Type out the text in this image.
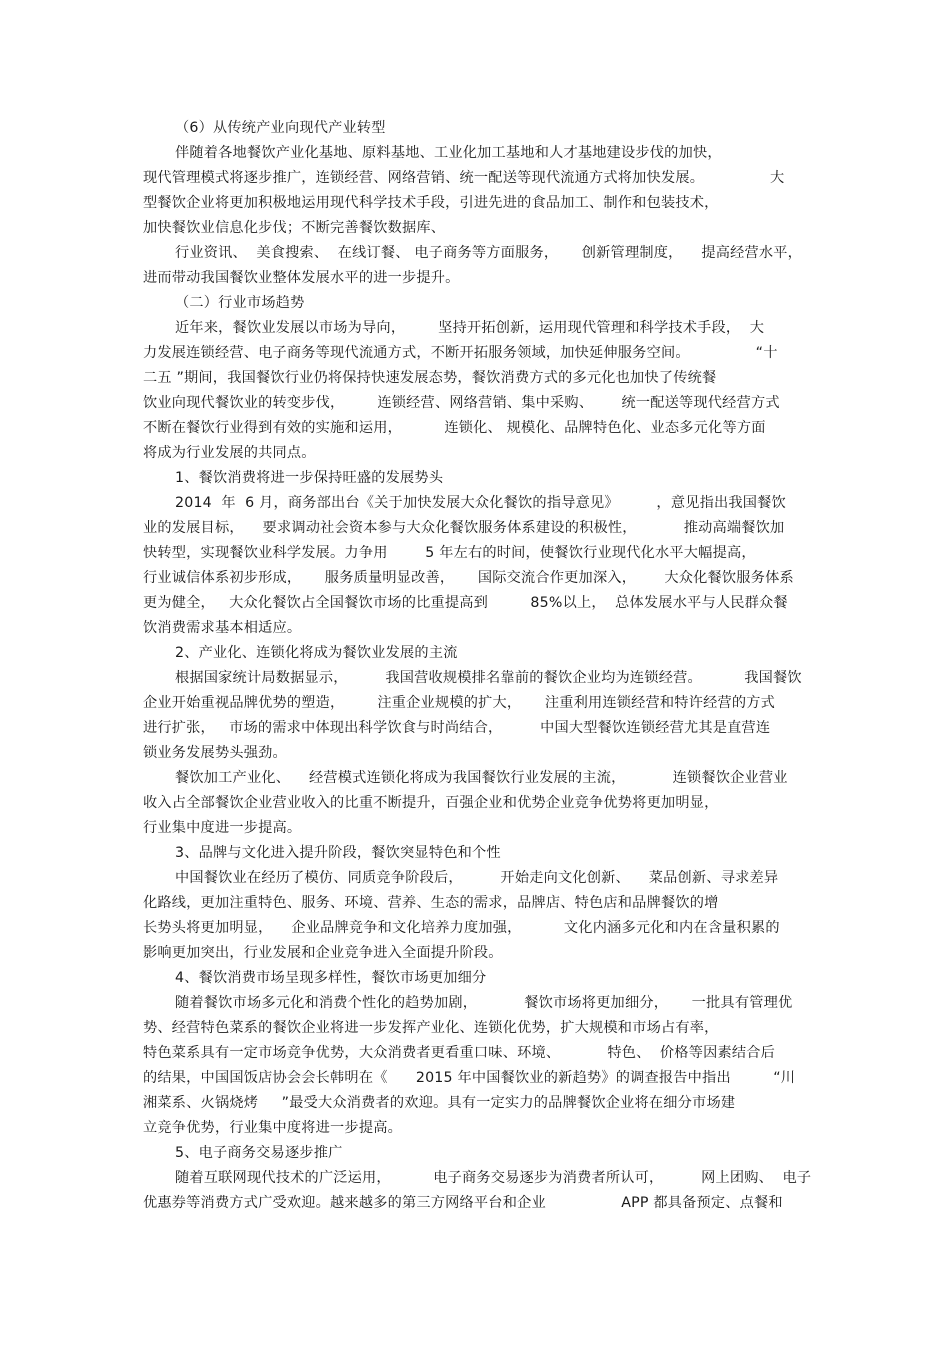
（6）从传统产业向现代产业转型
伴随着各地餐饮产业化基地、原料基地、工业化加工基地和人才基地建设步伐的加快，
现代管理模式将逐步推广，连锁经营、网络营销、统一配送等现代流通方式将加快发展。              大
型餐饮企业将更加积极地运用现代科学技术手段，引进先进的食品加工、制作和包装技术，
加快餐饮业信息化步伐；不断完善餐饮数据库、
行业资讯、  美食搜索、  在线订餐、 电子商务等方面服务，     创新管理制度，    提高经营水平，
进而带动我国餐饮业整体发展水平的进一步提升。
（二）行业市场趋势
近年来，餐饮业发展以市场为导向，       坚持开拓创新，运用现代管理和科学技术手段，  大
力发展连锁经营、电子商务等现代流通方式，不断开拓服务领域，加快延伸服务空间。              “十
二五 ”期间，我国餐饮行业仍将保持快速发展态势，餐饮消费方式的多元化也加快了传统餐
饮业向现代餐饮业的转变步伐，       连锁经营、网络营销、集中采购、      统一配送等现代经营方式
不断在餐饮行业得到有效的实施和运用，         连锁化、 规模化、品牌特色化、业态多元化等方面
将成为行业发展的共同点。
1、餐饮消费将进一步保持旺盛的发展势头
2014  年  6 月，商务部出台《关于加快发展大众化餐饮的指导意见》        ，意见指出我国餐饮
业的发展目标，    要求调动社会资本参与大众化餐饮服务体系建设的积极性，          推动高端餐饮加
快转型，实现餐饮业科学发展。力争用        5 年左右的时间，使餐饮行业现代化水平大幅提高，
行业诚信体系初步形成，     服务质量明显改善，     国际交流合作更加深入，      大众化餐饮服务体系
更为健全，   大众化餐饮占全国餐饮市场的比重提高到         85%以上，  总体发展水平与人民群众餐
饮消费需求基本相适应。
2、产业化、连锁化将成为餐饮业发展的主流
根据国家统计局数据显示，        我国营收规模排名靠前的餐饮企业均为连锁经营。         我国餐饮
企业开始重视品牌优势的塑造，       注重企业规模的扩大，     注重利用连锁经营和特许经营的方式
进行扩张，   市场的需求中体现出科学饮食与时尚结合，        中国大型餐饮连锁经营尤其是直营连
锁业务发展势头强劲。
餐饮加工产业化、    经营模式连锁化将成为我国餐饮行业发展的主流，          连锁餐饮企业营业
收入占全部餐饮企业营业收入的比重不断提升，百强企业和优势企业竞争优势将更加明显，
行业集中度进一步提高。
3、品牌与文化进入提升阶段，餐饮突显特色和个性
中国餐饮业在经历了模仿、同质竞争阶段后，        开始走向文化创新、    菜品创新、寻求差异
化路线，更加注重特色、服务、环境、营养、生态的需求，品牌店、特色店和品牌餐饮的增
长势头将更加明显，    企业品牌竞争和文化培养力度加强，         文化内涵多元化和内在含量积累的
影响更加突出，行业发展和企业竞争进入全面提升阶段。
4、餐饮消费市场呈现多样性，餐饮市场更加细分
随着餐饮市场多元化和消费个性化的趋势加剧，          餐饮市场将更加细分，     一批具有管理优
势、经营特色菜系的餐饮企业将进一步发挥产业化、连锁化优势，扩大规模和市场占有率，
特色菜系具有一定市场竞争优势，大众消费者更看重口味、环境、          特色、  价格等因素结合后
的结果，中国国饭店协会会长韩明在《      2015 年中国餐饮业的新趋势》的调查报告中指出         “川
湘菜系、火锅烧烤     ”最受大众消费者的欢迎。具有一定实力的品牌餐饮企业将在细分市场建
立竞争优势，行业集中度将进一步提高。
5、电子商务交易逐步推广
随着互联网现代技术的广泛运用，         电子商务交易逐步为消费者所认可，        网上团购、  电子
优惠券等消费方式广受欢迎。越来越多的第三方网络平台和企业                APP 都具备预定、点餐和
